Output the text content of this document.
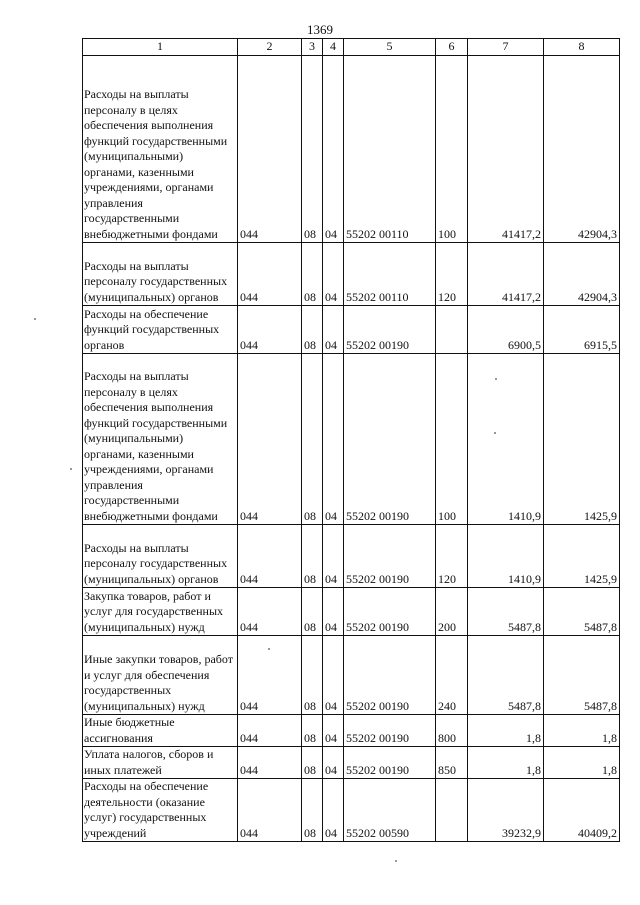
1369
1	2	3	4	5	6	7	8
Расходы на выплаты персоналу в целях обеспечения выполнения функций государственными (муниципальными) органами, казенными учреждениями, органами управления государственными внебюджетными фондами	044	08	04	55202 00110	100	41417,2	42904,3
Расходы на выплаты персоналу государственных (муниципальных) органов	044	08	04	55202 00110	120	41417,2	42904,3
Расходы на обеспечение функций государственных органов	044	08	04	55202 00190		6900,5	6915,5
Расходы на выплаты персоналу в целях обеспечения выполнения функций государственными (муниципальными) органами, казенными учреждениями, органами управления государственными внебюджетными фондами	044	08	04	55202 00190	100	1410,9	1425,9
Расходы на выплаты персоналу государственных (муниципальных) органов	044	08	04	55202 00190	120	1410,9	1425,9
Закупка товаров, работ и услуг для государственных (муниципальных) нужд	044	08	04	55202 00190	200	5487,8	5487,8
Иные закупки товаров, работ и услуг для обеспечения государственных (муниципальных) нужд	044	08	04	55202 00190	240	5487,8	5487,8
Иные бюджетные ассигнования	044	08	04	55202 00190	800	1,8	1,8
Уплата налогов, сборов и иных платежей	044	08	04	55202 00190	850	1,8	1,8
Расходы на обеспечение деятельности (оказание услуг) государственных учреждений	044	08	04	55202 00590		39232,9	40409,2
